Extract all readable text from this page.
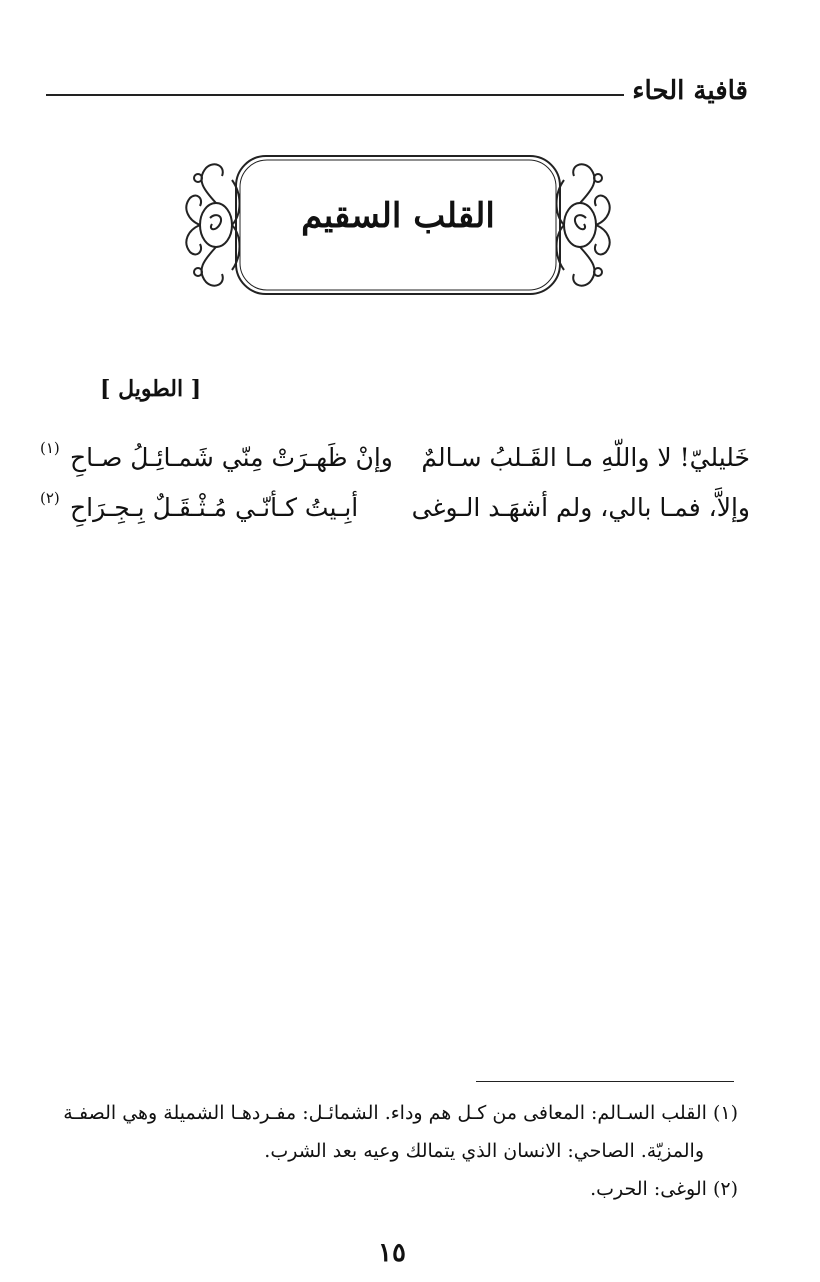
قافية الحاء
القلب السقيم
[ الطويل ]
خَليليّ! لا واللّهِ مـا القَـلبُ سـالمٌ
وإنْ ظَهـرَتْ مِنّي شَمـائِـلُ صـاحِ
(١)
وإلاَّ، فمـا بالي، ولم أشهَـد الـوغى
أبِـيتُ كـأنّـي مُـثْـقَـلٌ بِـجِـرَاحِ
(٢)
(١) القلب السـالم: المعافى من كـل هم وداء. الشمائـل: مفـردهـا الشميلة وهي الصفـة
والمزيّة. الصاحي: الانسان الذي يتمالك وعيه بعد الشرب.
(٢) الوغى: الحرب.
١٥
